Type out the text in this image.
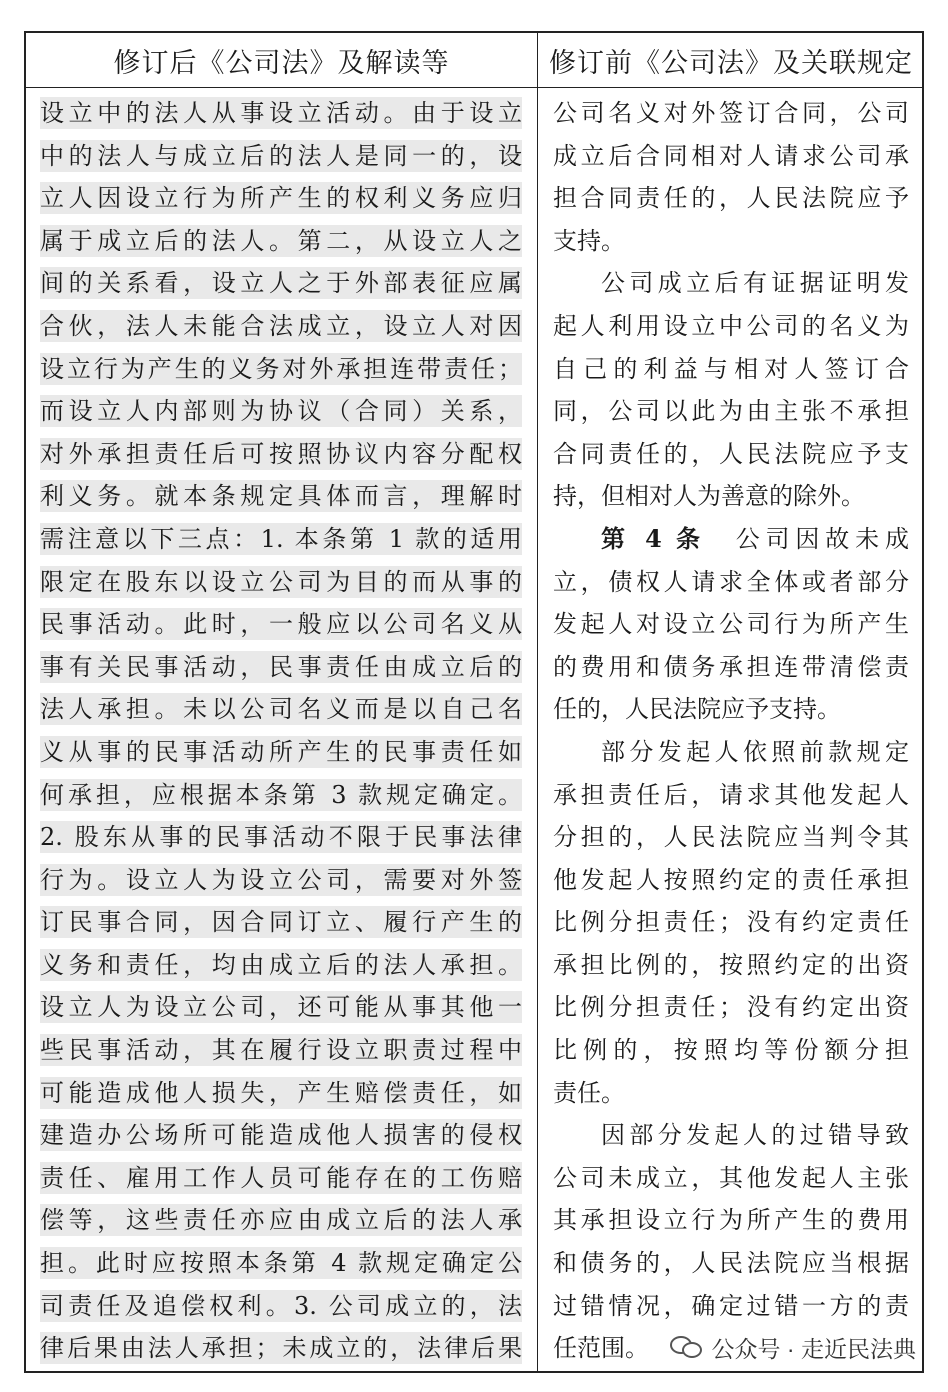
修订后《公司法》及解读等	修订前《公司法》及关联规定
设立中的法人从事设立活动。由于设立
中的法人与成立后的法人是同一的，设
立人因设立行为所产生的权利义务应归
属于成立后的法人。第二，从设立人之
间的关系看，设立人之于外部表征应属
合伙，法人未能合法成立，设立人对因
设立行为产生的义务对外承担连带责任；
而设立人内部则为协议（合同）关系，
对外承担责任后可按照协议内容分配权
利义务。就本条规定具体而言，理解时
需注意以下三点：1. 本条第 1 款的适用
限定在股东以设立公司为目的而从事的
民事活动。此时，一般应以公司名义从
事有关民事活动，民事责任由成立后的
法人承担。未以公司名义而是以自己名
义从事的民事活动所产生的民事责任如
何承担，应根据本条第 3 款规定确定。
2. 股东从事的民事活动不限于民事法律
行为。设立人为设立公司，需要对外签
订民事合同，因合同订立、履行产生的
义务和责任，均由成立后的法人承担。
设立人为设立公司，还可能从事其他一
些民事活动，其在履行设立职责过程中
可能造成他人损失，产生赔偿责任，如
建造办公场所可能造成他人损害的侵权
责任、雇用工作人员可能存在的工伤赔
偿等，这些责任亦应由成立后的法人承
担。此时应按照本条第 4 款规定确定公
司责任及追偿权利。3. 公司成立的，法
律后果由法人承担；未成立的，法律后果
公司名义对外签订合同，公司
成立后合同相对人请求公司承
担合同责任的，人民法院应予
支持。
公司成立后有证据证明发
起人利用设立中公司的名义为
自己的利益与相对人签订合
同，公司以此为由主张不承担
合同责任的，人民法院应予支
持，但相对人为善意的除外。
第 4 条　公司因故未成
立，债权人请求全体或者部分
发起人对设立公司行为所产生
的费用和债务承担连带清偿责
任的，人民法院应予支持。
部分发起人依照前款规定
承担责任后，请求其他发起人
分担的，人民法院应当判令其
他发起人按照约定的责任承担
比例分担责任；没有约定责任
承担比例的，按照约定的出资
比例分担责任；没有约定出资
比例的，按照均等份额分担
责任。
因部分发起人的过错导致
公司未成立，其他发起人主张
其承担设立行为所产生的费用
和债务的，人民法院应当根据
过错情况，确定过错一方的责
任范围。	公众号 · 走近民法典
